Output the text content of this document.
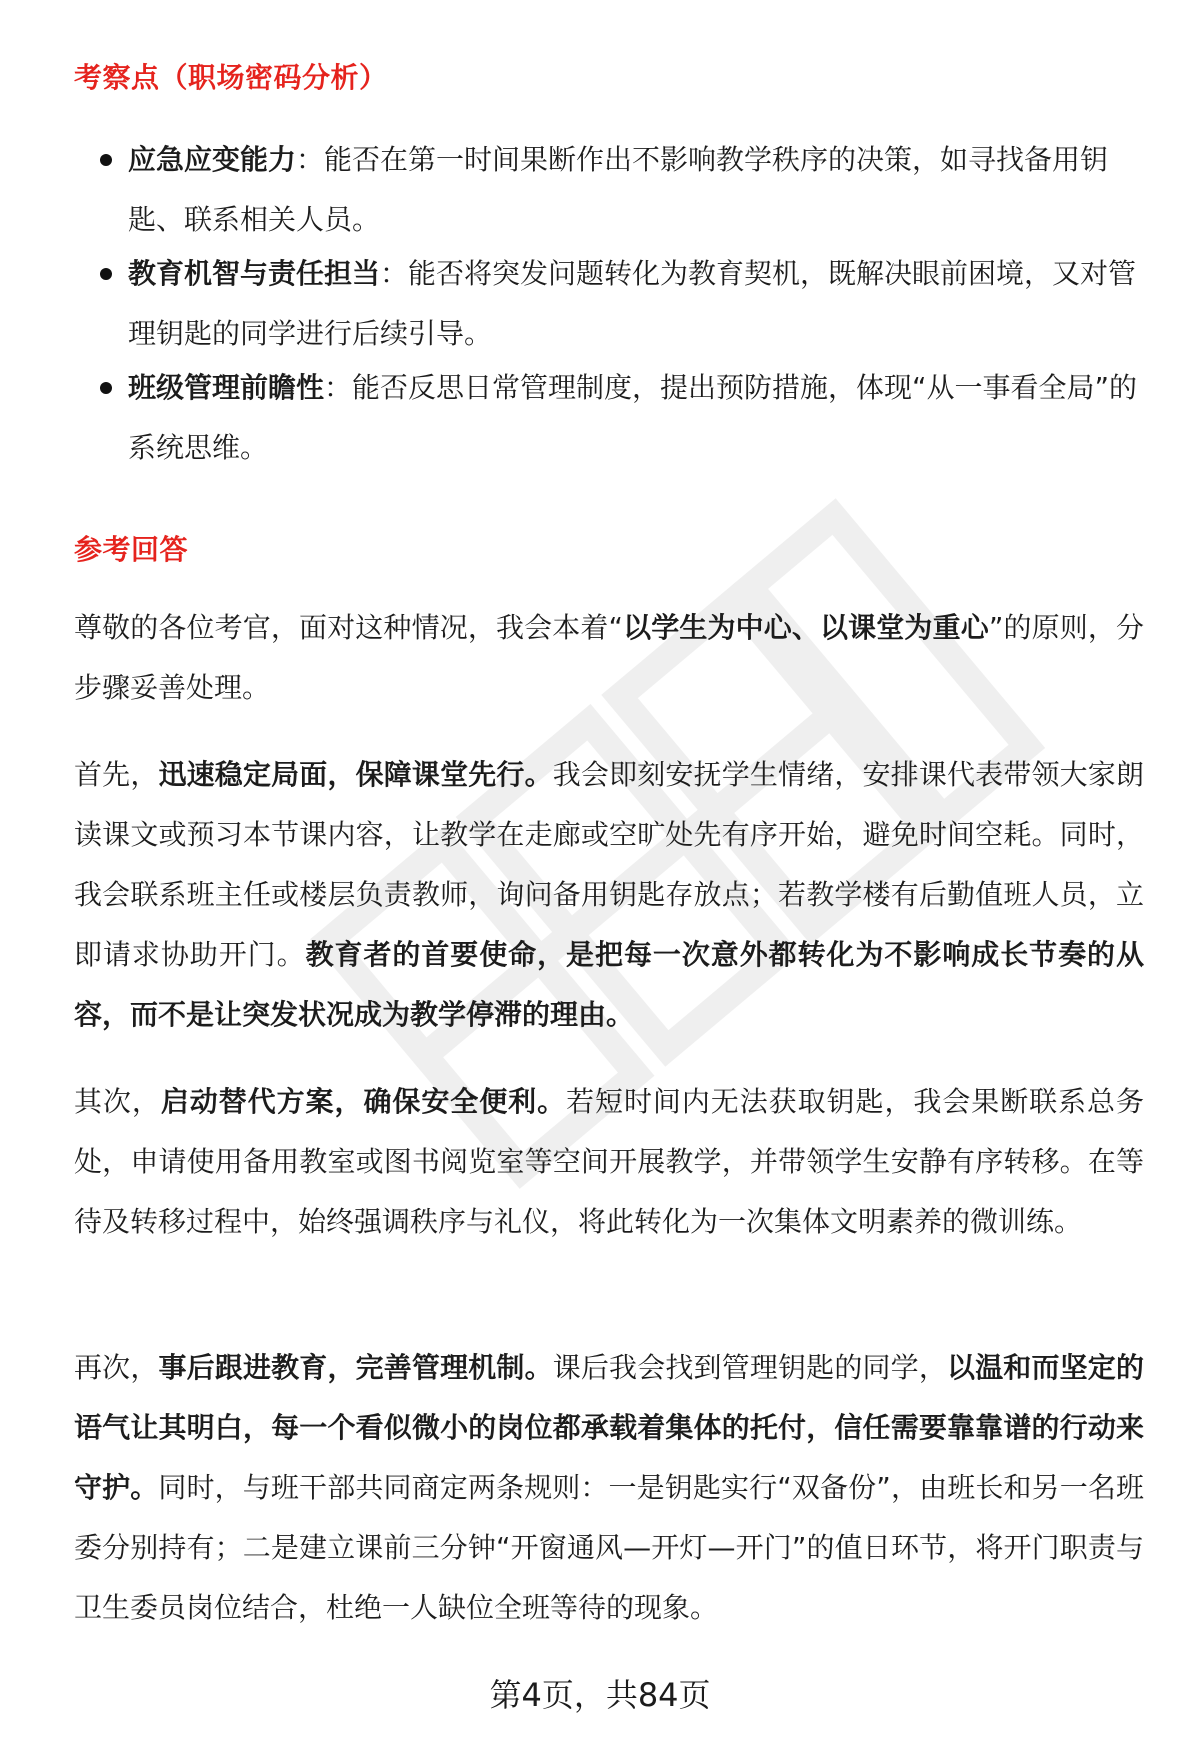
考察点（职场密码分析）
应急应变能力：能否在第一时间果断作出不影响教学秩序的决策，如寻找备用钥匙、联系相关人员。
教育机智与责任担当：能否将突发问题转化为教育契机，既解决眼前困境，又对管理钥匙的同学进行后续引导。
班级管理前瞻性：能否反思日常管理制度，提出预防措施，体现“从一事看全局”的系统思维。
参考回答
尊敬的各位考官，面对这种情况，我会本着“以学生为中心、以课堂为重心”的原则，分步骤妥善处理。
首先，迅速稳定局面，保障课堂先行。我会即刻安抚学生情绪，安排课代表带领大家朗读课文或预习本节课内容，让教学在走廊或空旷处先有序开始，避免时间空耗。同时，我会联系班主任或楼层负责教师，询问备用钥匙存放点；若教学楼有后勤值班人员，立即请求协助开门。教育者的首要使命，是把每一次意外都转化为不影响成长节奏的从容，而不是让突发状况成为教学停滞的理由。
其次，启动替代方案，确保安全便利。若短时间内无法获取钥匙，我会果断联系总务处，申请使用备用教室或图书阅览室等空间开展教学，并带领学生安静有序转移。在等待及转移过程中，始终强调秩序与礼仪，将此转化为一次集体文明素养的微训练。
再次，事后跟进教育，完善管理机制。课后我会找到管理钥匙的同学，以温和而坚定的语气让其明白，每一个看似微小的岗位都承载着集体的托付，信任需要靠靠谱的行动来守护。同时，与班干部共同商定两条规则：一是钥匙实行“双备份”，由班长和另一名班委分别持有；二是建立课前三分钟“开窗通风—开灯—开门”的值日环节，将开门职责与卫生委员岗位结合，杜绝一人缺位全班等待的现象。
第4页，共84页
